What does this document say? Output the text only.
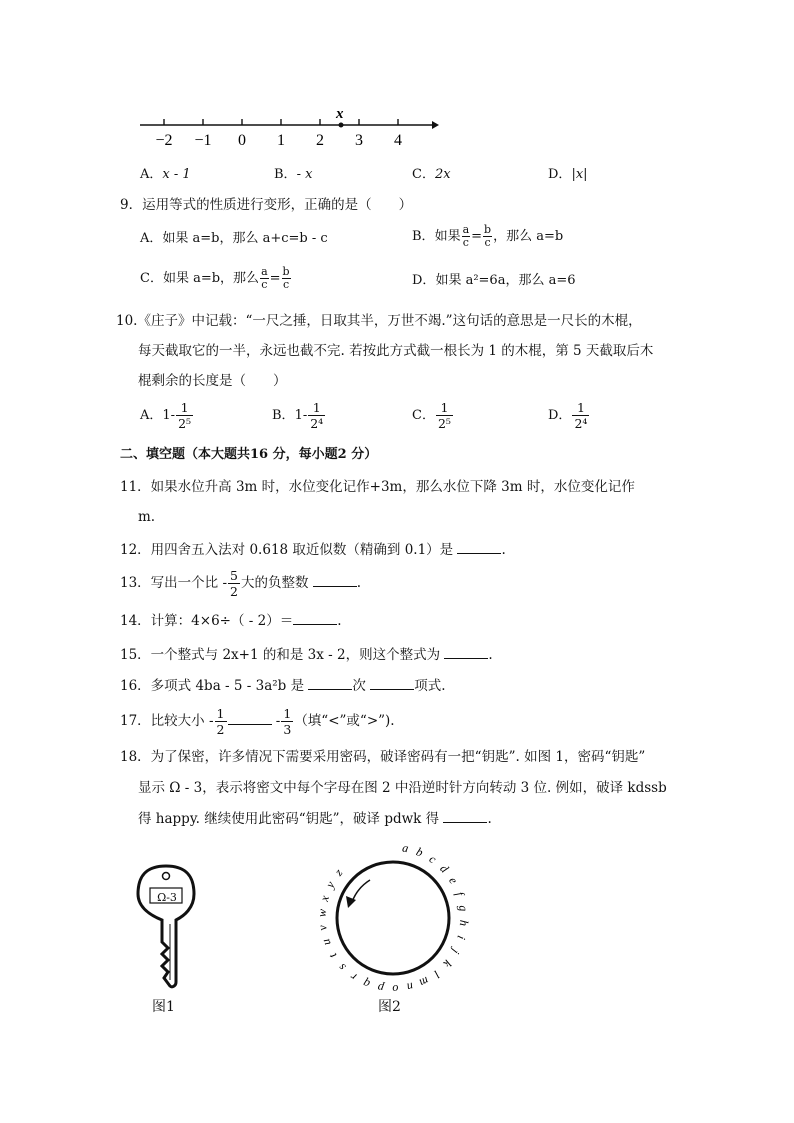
−2 −1 0 1 2 3 4
x
A．x - 1	B．- x	C．2x	D．|x|
9．运用等式的性质进行变形，正确的是（　　）
A．如果 a=b，那么 a+c=b - c	B．如果 $\frac{a}{c} = \frac{b}{c}$ ，那么 a=b
C．如果 a=b，那么 $\frac{a}{c} = \frac{b}{c}$	D．如果 a²=6a，那么 a=6
10.《庄子》中记载：“一尺之捶，日取其半，万世不竭.”这句话的意思是一尺长的木棍，
每天截取它的一半，永远也截不完. 若按此方式截一根长为 1 的木棍，第 5 天截取后木
棍剩余的长度是（　　）
A．$1- \frac{1}{\text{2⁵}}$	B．$1- \frac{1}{\text{2⁴}}$	C． $\frac{1}{\text{2⁵}}$	D． $\frac{1}{\text{2⁴}}$
二、填空题（本大题共16 分，每小题2 分）
11．如果水位升高 3m 时，水位变化记作+3m，那么水位下降 3m 时，水位变化记作
m.
12．用四舍五入法对 0.618 取近似数（精确到 0.1）是	.
13．写出一个比 - $\frac{5}{2}$ 大的负整数	.
14．计算：4×6÷（ - 2）＝	.
15．一个整式与 2x+1 的和是 3x - 2，则这个整式为	.
16．多项式 4ba - 5 - 3a²b 是	次	项式.
17．比较大小 - $\frac{1}{2}$	- $\frac{1}{3}$ （填“<”或“>”).
18．为了保密，许多情况下需要采用密码，破译密码有一把“钥匙”. 如图 1，密码“钥匙”
显示 Ω - 3，表示将密文中每个字母在图 2 中沿逆时针方向转动 3 位. 例如，破译 kdssb
得 happy. 继续使用此密码“钥匙”，破译 pdwk 得	.
Ω-3
图1
a b c
d
e
f
g
h
i
j
k
l
m
n
o
p
q
r
s
t
u
v
w
x
y
z
图2
